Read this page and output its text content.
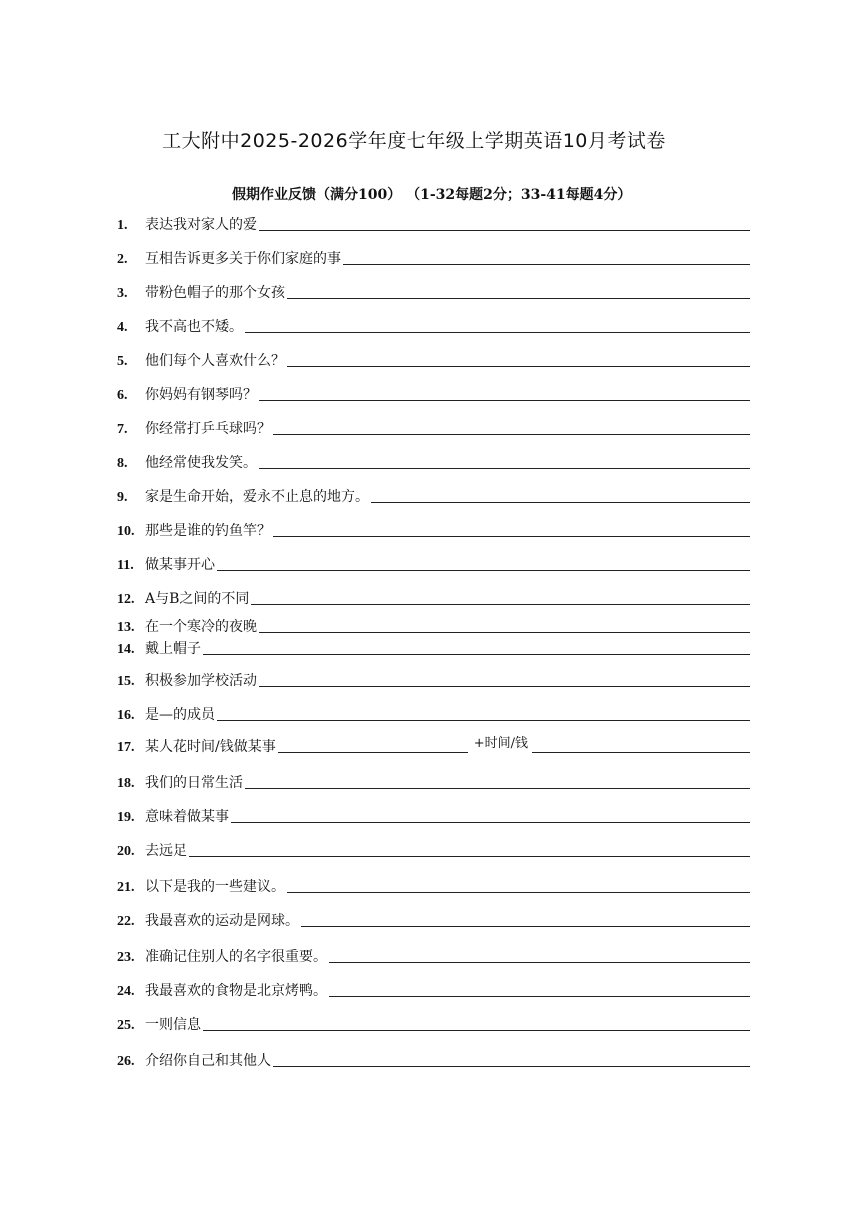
工大附中2025-2026学年度七年级上学期英语10月考试卷
假期作业反馈（满分100） （1-32每题2分；33-41每题4分）
1.	表达我对家人的爱
2.	互相告诉更多关于你们家庭的事
3.	带粉色帽子的那个女孩
4.	我不高也不矮。
5.	他们每个人喜欢什么？
6.	你妈妈有钢琴吗？
7.	你经常打乒乓球吗？
8.	他经常使我发笑。
9.	家是生命开始，爱永不止息的地方。
10. 那些是谁的钓鱼竿？
11. 做某事开心
12. A与B之间的不同
13. 在一个寒冷的夜晚
14. 戴上帽子
15. 积极参加学校活动
16. 是—的成员
17. 某人花时间/钱做某事	+时间/钱
18. 我们的日常生活
19. 意味着做某事
20. 去远足
21. 以下是我的一些建议。
22. 我最喜欢的运动是网球。
23. 准确记住别人的名字很重要。
24. 我最喜欢的食物是北京烤鸭。
25. 一则信息
26. 介绍你自己和其他人
